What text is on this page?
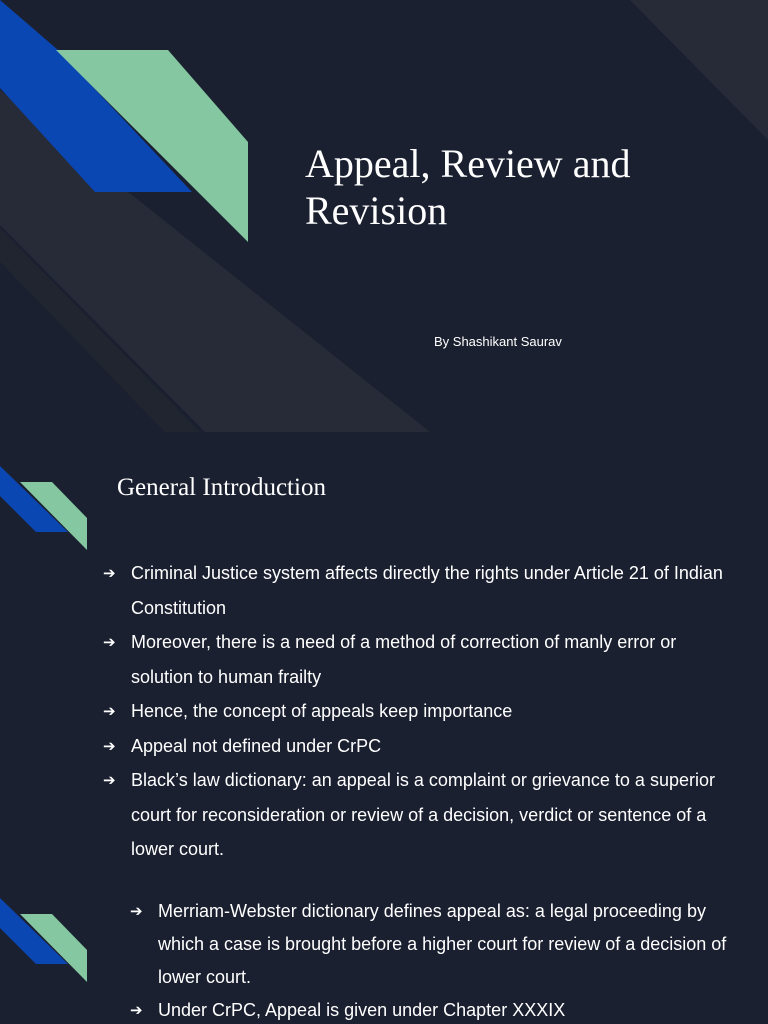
Appeal, Review and
Revision

By Shashikant Saurav

General Introduction
➔ Criminal Justice system affects directly the rights under Article 21 of Indian Constitution
➔ Moreover, there is a need of a method of correction of manly error or solution to human frailty
➔ Hence, the concept of appeals keep importance
➔ Appeal not defined under CrPC
➔ Black’s law dictionary: an appeal is a complaint or grievance to a superior court for reconsideration or review of a decision, verdict or sentence of a lower court.
➔ Merriam-Webster dictionary defines appeal as: a legal proceeding by which a case is brought before a higher court for review of a decision of lower court.
➔ Under CrPC, Appeal is given under Chapter XXXIX
